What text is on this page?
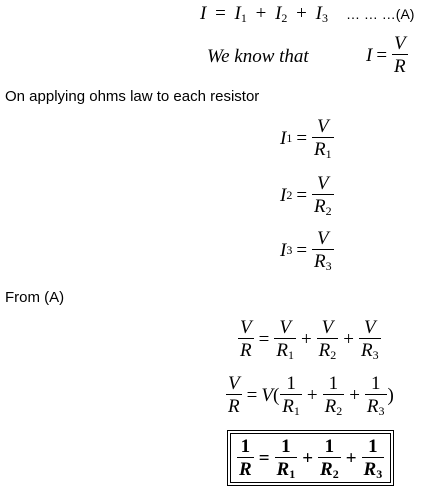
$I = I_1 + I_2 + I_3$ … … …(A)
We know that	$I = \frac{V}{R}$
On applying ohms law to each resistor
I $1 = \frac{V}{R_1}$
I $2 = \frac{V}{R_2}$
I $3 = \frac{V}{R_3}$
From (A)
$\frac{V}{R} = \frac{V}{R_1} + \frac{V}{R_2} + \frac{V}{R_3}$
$\frac{V}{R} = V$ ( $\frac{1}{R_1} + \frac{1}{R_2} + \frac{1}{R_3}$ )
$\frac{1}{R} = \frac{1}{R_1} + \frac{1}{R_2} + \frac{1}{R_3}$
